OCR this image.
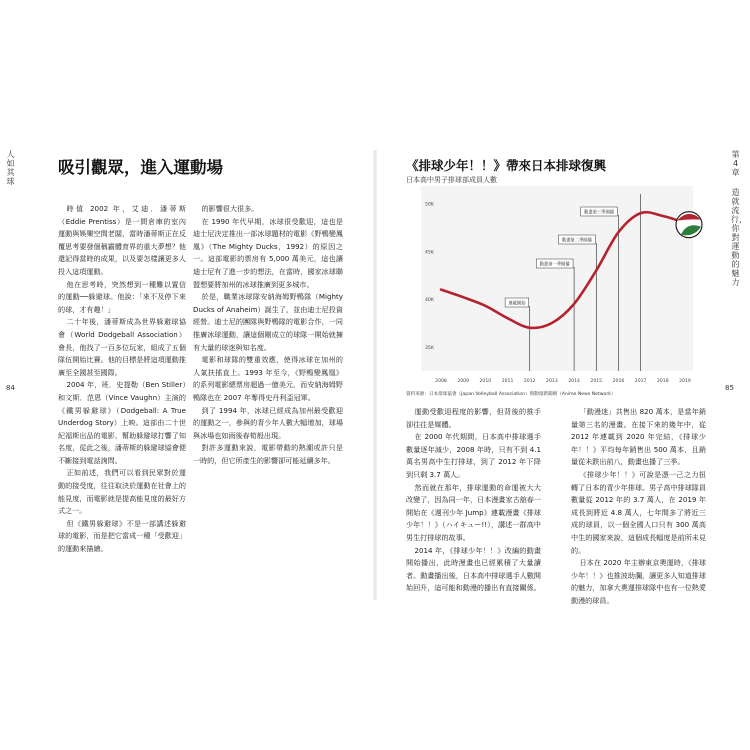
人如其球
84
吸引觀眾，進入運動場

時值 2002 年，艾迪．潘蒂斯（Eddie Prentiss）是一間倉庫的室內運動與娛樂空間老闆，當時潘蒂斯正在反覆思考要發個稱霸體育界的重大夢想？他還記得當時的成果，以及要怎樣讓更多人投入這項運動。

他在思考時，突然想到一種難以置信的運動──躲避球。他說：「來不及停下來的球，才有趣！」

二十年後，潘蒂斯成為世界躲避球協會（World Dodgeball Association）會長，他找了一百多位玩家，組成了五個隊伍開始比賽。他的目標是將這項運動推廣至全國甚至國際。

2004 年，班．史提勒（Ben Stiller）和文斯．范恩（Vince Vaughn）主演的《鐵男躲避球》（Dodgeball: A True Underdog Story）上映。這部由二十世紀福斯出品的電影，幫助躲避球打響了知名度，從此之後，潘蒂斯的躲避球協會便不斷接到電話詢問。

正如前述，我們可以看到民眾對於運動的接受度，往往取決於運動在社會上的能見度，而電影就是提高能見度的最好方式之一。

但《鐵男躲避球》不是一部講述躲避球的電影，而是把它當成一種「受歡迎」的運動來描繪。

的影響很大很多。

在 1990 年代早期，冰球很受歡迎，這也是迪士尼決定推出一部冰球題材的電影《野鴨變鳳凰》（The Mighty Ducks，1992）的原因之一。這部電影的票房有 5,000 萬美元，這也讓迪士尼有了進一步的想法，在當時，國家冰球聯盟想要將加州的冰球推廣到更多城市。

於是，職業冰球隊安納海姆野鴨隊（Mighty Ducks of Anaheim）誕生了，並由迪士尼投資經營。迪士尼的團隊與野鴨隊的電影合作，一同推廣冰球運動，讓這個剛成立的球隊一開始就擁有大量的球迷與知名度。

電影和球隊的雙重效應，使得冰球在加州的人氣扶搖直上。1993 年至今，《野鴨變鳳凰》的系列電影總票房超過一億美元，而安納海姆野鴨隊也在 2007 年奪得史丹利盃冠軍。

到了 1994 年，冰球已經成為加州最受歡迎的運動之一，參與的青少年人數大幅增加，球場與冰場也如雨後春筍般出現。

對許多運動來說，電影帶動的熱潮或許只是一時的，但它所產生的影響卻可能延續多年。

第4章
造就流行，你對運動的魅力
85
《排球少年！！》帶來日本排球復興
日本高中男子排球部成員人數
35K
40K
45K
50K
2008 2009 2010 2011 2012 2013 2014 2015 2016 2017 2018 2019
連載開始
動畫第一季開播
動畫第二季開播
動畫第三季開播
資料來源：日本排球協會（Japan Volleyball Association）與動漫新聞網（Anime News Network）

運動受歡迎程度的影響，但背後的推手卻往往是媒體。

在 2000 年代期間，日本高中排球選手數量逐年減少，2008 年時，只有不到 4.1 萬名男高中生打排球，到了 2012 年下降到只剩 3.7 萬人。

然而就在那年，排球運動的命運被大大改變了，因為同一年，日本漫畫家古舘春一開始在《週刊少年 Jump》連載漫畫《排球少年！！》（ハイキュー!!），講述一群高中男生打排球的故事。

2014 年，《排球少年！！》改編的動畫開始播出，此時漫畫也已經累積了大量讀者。動畫播出後，日本高中排球選手人數開始回升，這可能和動漫的播出有直接關係。

「動漫迷」共售出 820 萬本，是當年銷量第三名的漫畫。在接下來的幾年中，從 2012 年連載到 2020 年完結，《排球少年！！》平均每年銷售出 500 萬本，且銷量從未跌出前八，動畫也播了三季。

《排球少年！！》可說是憑一己之力扭轉了日本的青少年排球。男子高中排球隊員數量從 2012 年的 3.7 萬人，在 2019 年成長到將近 4.8 萬人，七年間多了將近三成的球員，以一個全國人口只有 300 萬高中生的國家來說，這個成長幅度是前所未見的。

日本在 2020 年主辦東京奧運時，《排球少年！！》也推波助瀾，讓更多人知道排球的魅力，加拿大奧運排球隊中也有一位熱愛動漫的球員。
